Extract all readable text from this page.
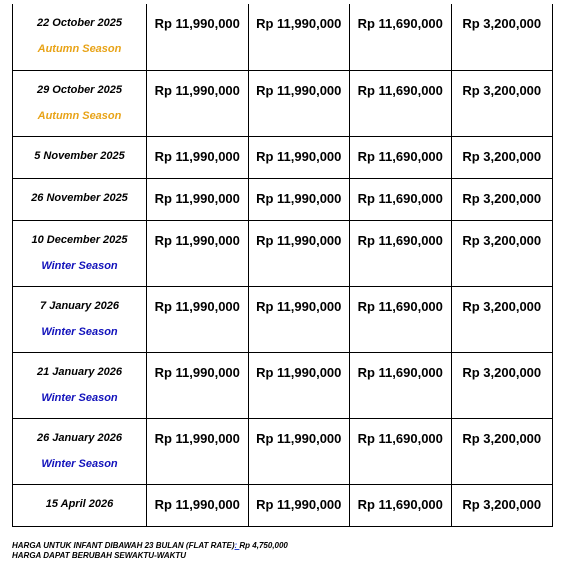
22 October 2025
Autumn Season	Rp 11,990,000	Rp 11,990,000	Rp 11,690,000	Rp 3,200,000

29 October 2025
Autumn Season	Rp 11,990,000	Rp 11,990,000	Rp 11,690,000	Rp 3,200,000

5 November 2025	Rp 11,990,000	Rp 11,990,000	Rp 11,690,000	Rp 3,200,000

26 November 2025	Rp 11,990,000	Rp 11,990,000	Rp 11,690,000	Rp 3,200,000

10 December 2025
Winter Season	Rp 11,990,000	Rp 11,990,000	Rp 11,690,000	Rp 3,200,000

7 January 2026
Winter Season	Rp 11,990,000	Rp 11,990,000	Rp 11,690,000	Rp 3,200,000

21 January 2026
Winter Season	Rp 11,990,000	Rp 11,990,000	Rp 11,690,000	Rp 3,200,000

26 January 2026
Winter Season	Rp 11,990,000	Rp 11,990,000	Rp 11,690,000	Rp 3,200,000

15 April 2026	Rp 11,990,000	Rp 11,990,000	Rp 11,690,000	Rp 3,200,000
HARGA UNTUK INFANT DIBAWAH 23 BULAN (FLAT RATE): Rp 4,750,000
HARGA DAPAT BERUBAH SEWAKTU-WAKTU
